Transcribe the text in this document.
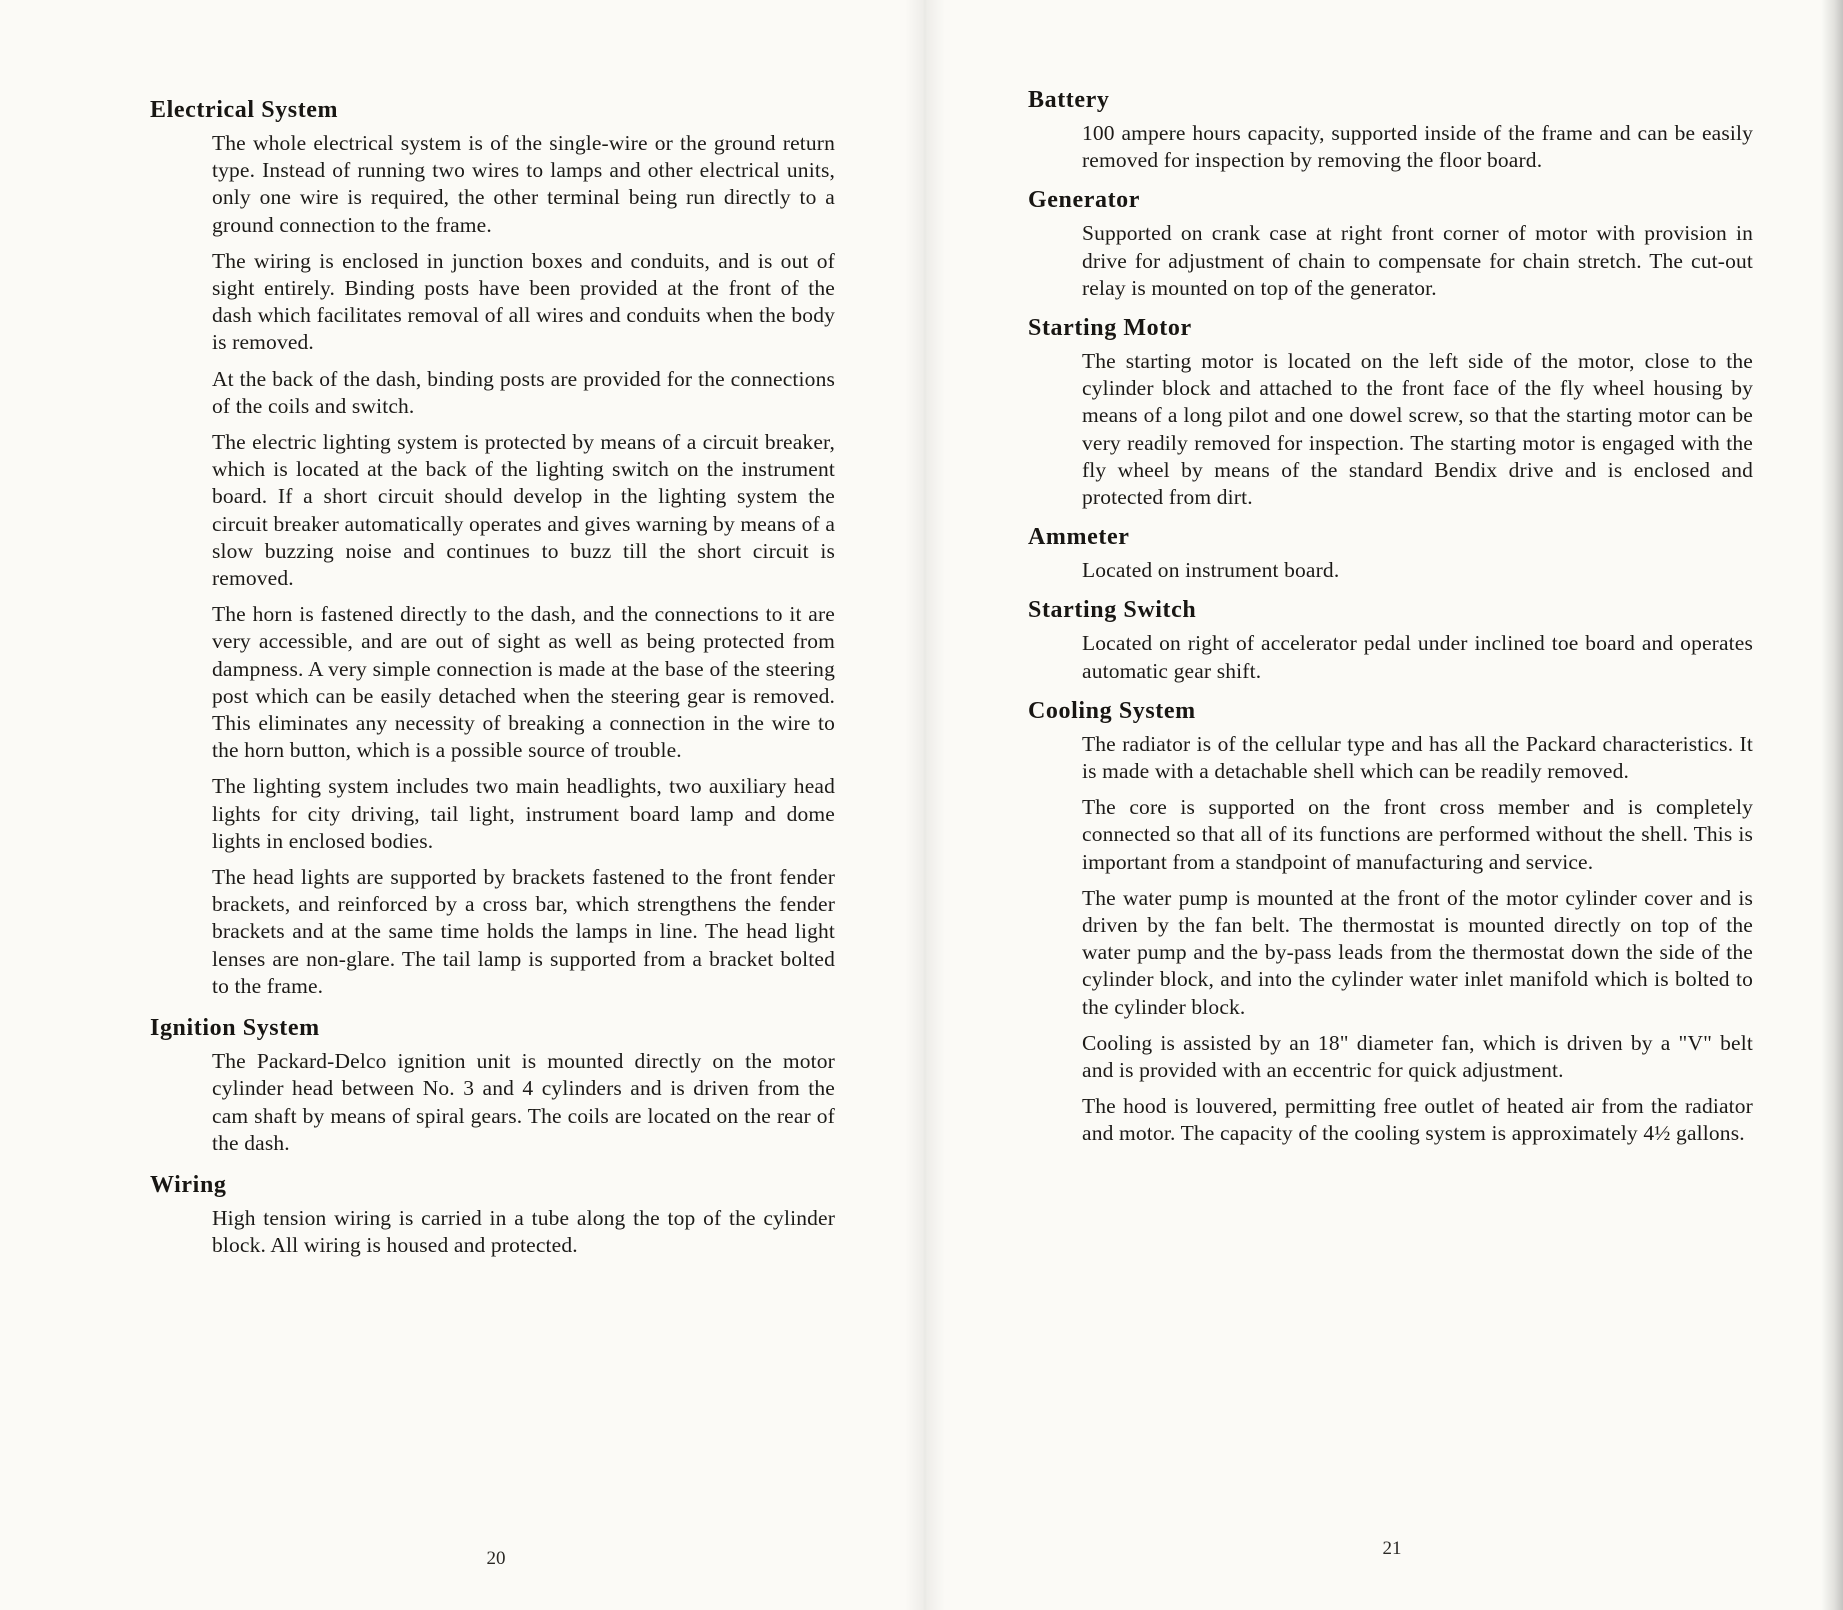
Electrical System

The whole electrical system is of the single-wire or the ground return type. Instead of running two wires to lamps and other electrical units, only one wire is required, the other terminal being run directly to a ground connection to the frame.

The wiring is enclosed in junction boxes and conduits, and is out of sight entirely. Binding posts have been provided at the front of the dash which facilitates removal of all wires and conduits when the body is removed.

At the back of the dash, binding posts are provided for the connections of the coils and switch.

The electric lighting system is protected by means of a circuit breaker, which is located at the back of the lighting switch on the instrument board. If a short circuit should develop in the lighting system the circuit breaker automatically operates and gives warning by means of a slow buzzing noise and continues to buzz till the short circuit is removed.

The horn is fastened directly to the dash, and the connections to it are very accessible, and are out of sight as well as being protected from dampness. A very simple connection is made at the base of the steering post which can be easily detached when the steering gear is removed. This eliminates any necessity of breaking a connection in the wire to the horn button, which is a possible source of trouble.

The lighting system includes two main headlights, two auxiliary head lights for city driving, tail light, instrument board lamp and dome lights in enclosed bodies.

The head lights are supported by brackets fastened to the front fender brackets, and reinforced by a cross bar, which strengthens the fender brackets and at the same time holds the lamps in line. The head light lenses are non-glare. The tail lamp is supported from a bracket bolted to the frame.

Ignition System

The Packard-Delco ignition unit is mounted directly on the motor cylinder head between No. 3 and 4 cylinders and is driven from the cam shaft by means of spiral gears. The coils are located on the rear of the dash.

Wiring

High tension wiring is carried in a tube along the top of the cylinder block. All wiring is housed and protected.

20
Battery

100 ampere hours capacity, supported inside of the frame and can be easily removed for inspection by removing the floor board.

Generator

Supported on crank case at right front corner of motor with provision in drive for adjustment of chain to compensate for chain stretch. The cut-out relay is mounted on top of the generator.

Starting Motor

The starting motor is located on the left side of the motor, close to the cylinder block and attached to the front face of the fly wheel housing by means of a long pilot and one dowel screw, so that the starting motor can be very readily removed for inspection. The starting motor is engaged with the fly wheel by means of the standard Bendix drive and is enclosed and protected from dirt.

Ammeter

Located on instrument board.

Starting Switch

Located on right of accelerator pedal under inclined toe board and operates automatic gear shift.

Cooling System

The radiator is of the cellular type and has all the Packard characteristics. It is made with a detachable shell which can be readily removed.

The core is supported on the front cross member and is completely connected so that all of its functions are performed without the shell. This is important from a standpoint of manufacturing and service.

The water pump is mounted at the front of the motor cylinder cover and is driven by the fan belt. The thermostat is mounted directly on top of the water pump and the by-pass leads from the thermostat down the side of the cylinder block, and into the cylinder water inlet manifold which is bolted to the cylinder block.

Cooling is assisted by an 18" diameter fan, which is driven by a "V" belt and is provided with an eccentric for quick adjustment.

The hood is louvered, permitting free outlet of heated air from the radiator and motor. The capacity of the cooling system is approximately 4½ gallons.

21
